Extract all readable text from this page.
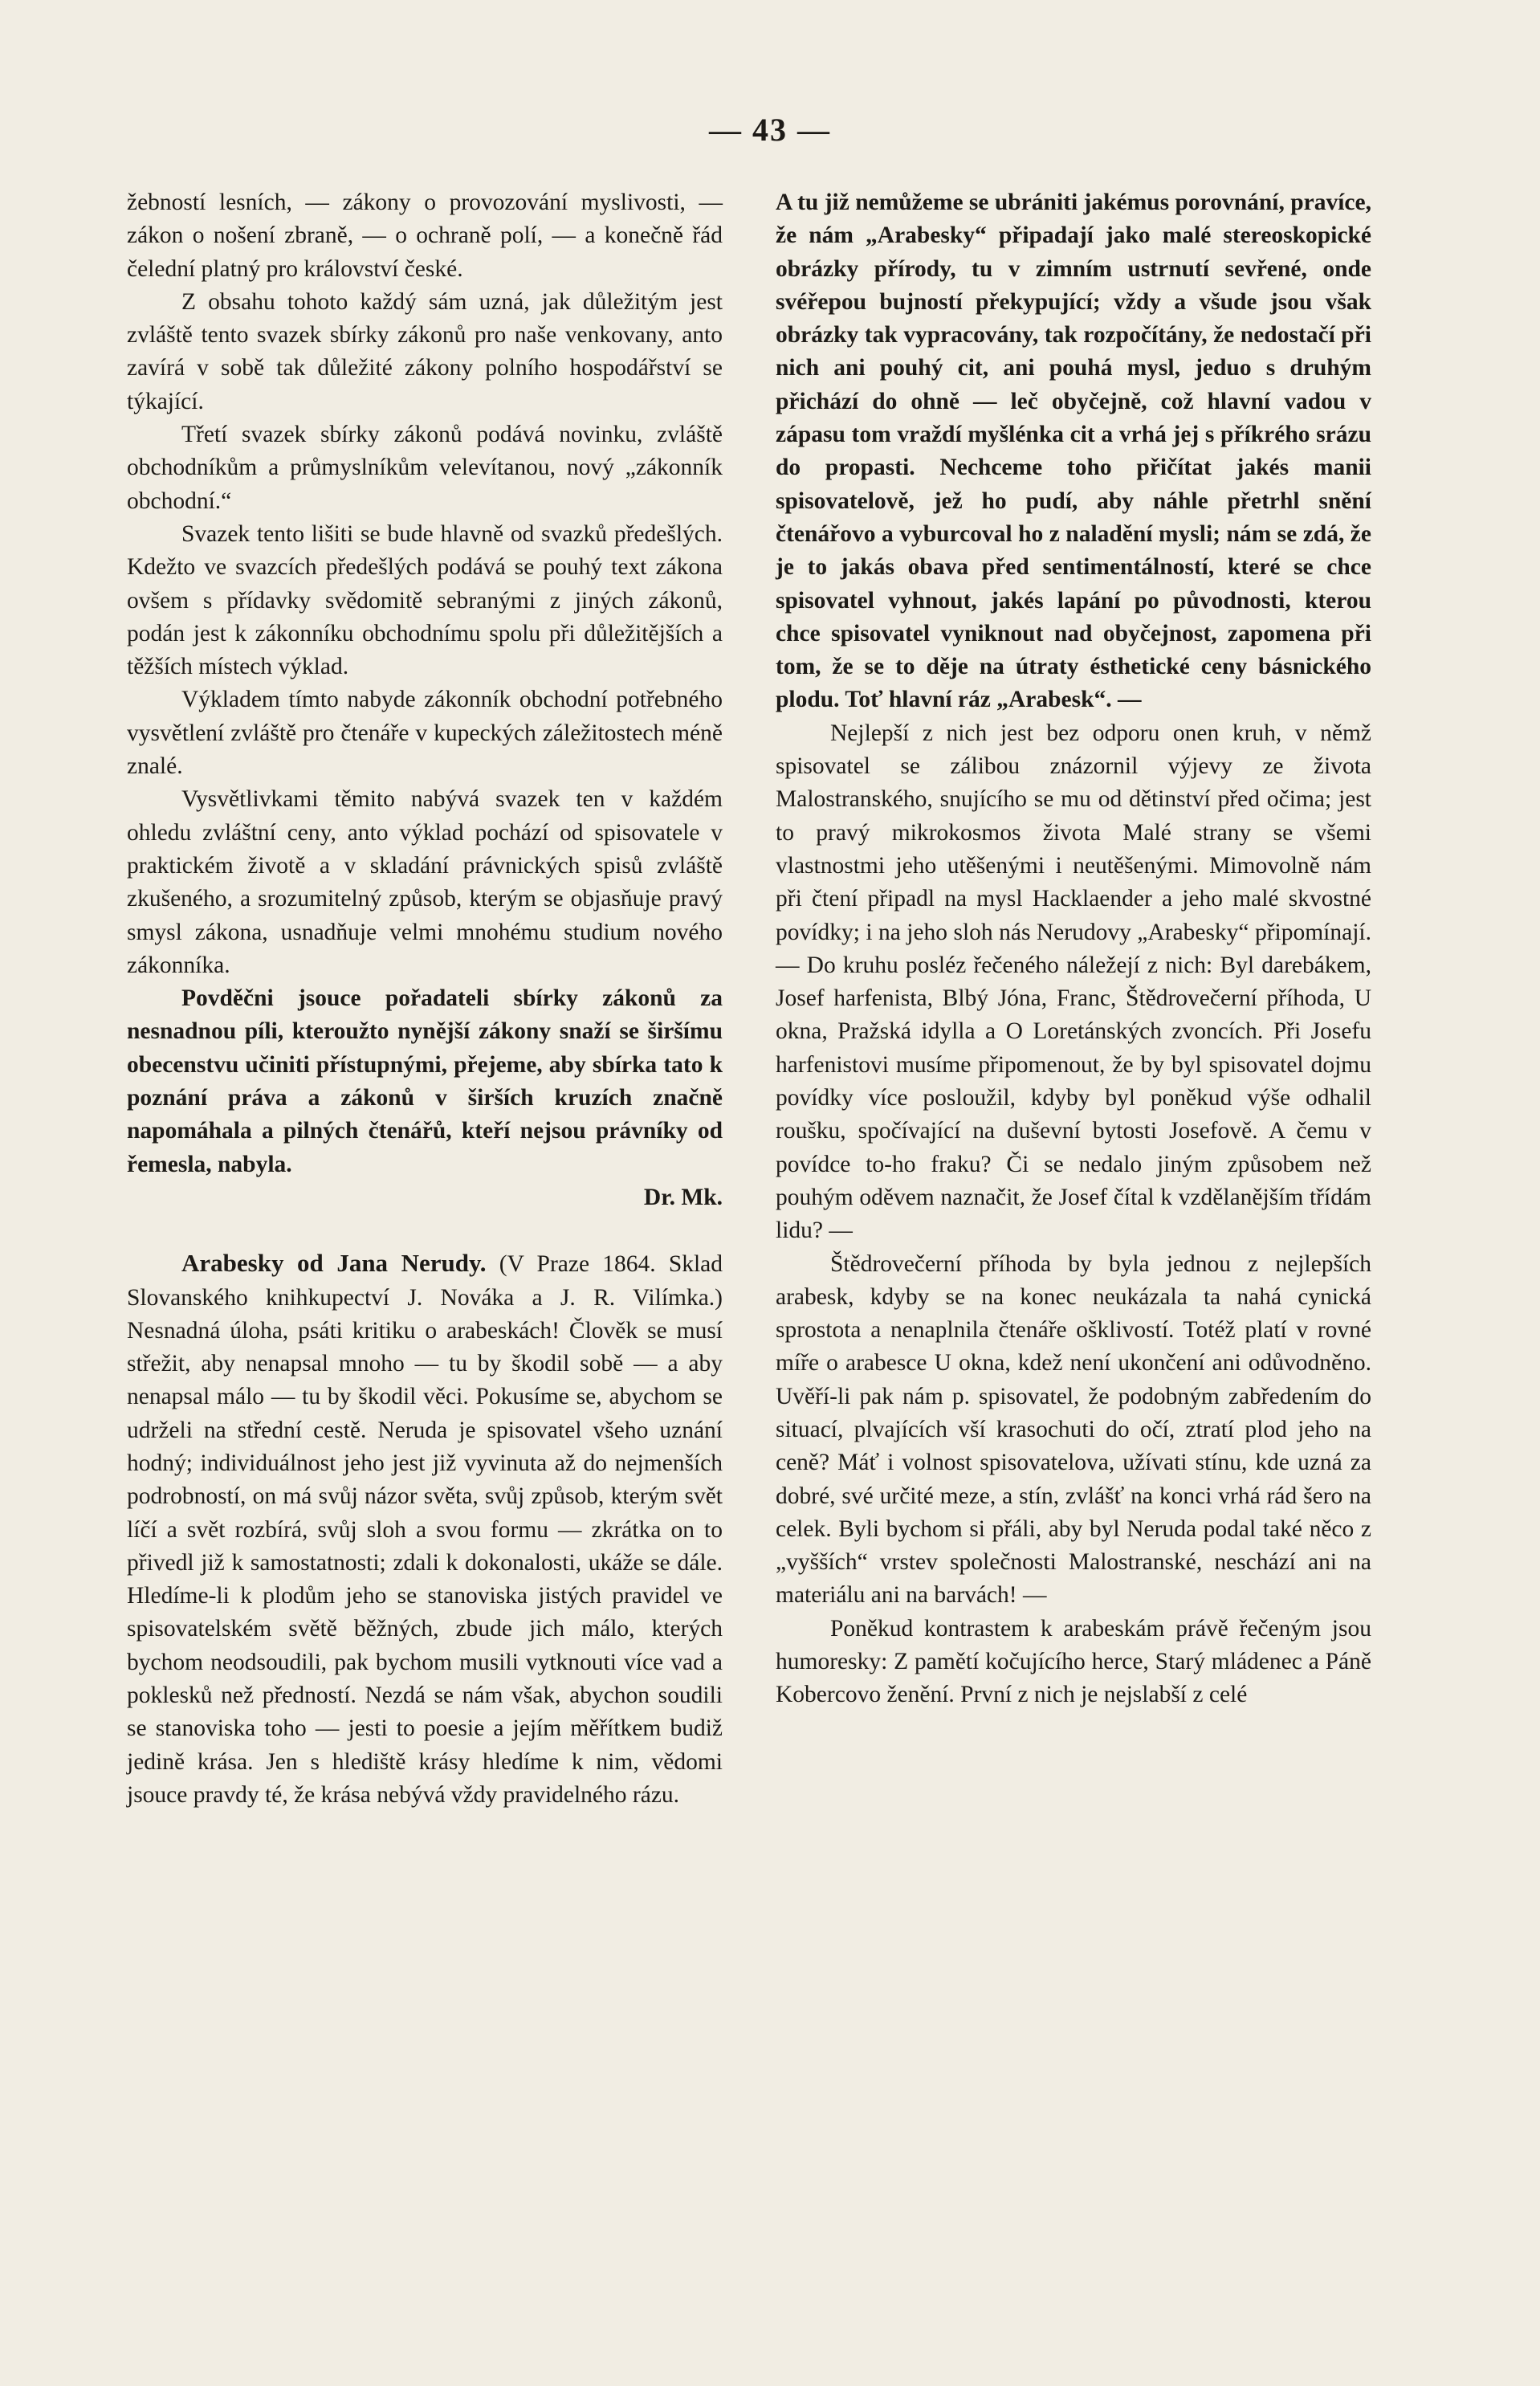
— 43 —

žebností lesních, — zákony o provozování myslivosti, — zákon o nošení zbraně, — o ochraně polí, — a konečně řád čelední platný pro království české.

Z obsahu tohoto každý sám uzná, jak důležitým jest zvláště tento svazek sbírky zákonů pro naše venkovany, anto zavírá v sobě tak důležité zákony polního hospodářství se týkající.

Třetí svazek sbírky zákonů podává novinku, zvláště obchodníkům a průmyslníkům velevítanou, nový „zákonník obchodní.“

Svazek tento lišiti se bude hlavně od svazků předešlých. Kdežto ve svazcích předešlých podává se pouhý text zákona ovšem s přídavky svědomitě sebranými z jiných zákonů, podán jest k zákonníku obchodnímu spolu při důležitějších a těžších místech výklad.

Výkladem tímto nabyde zákonník obchodní potřebného vysvětlení zvláště pro čtenáře v kupeckých záležitostech méně znalé.

Vysvětlivkami těmito nabývá svazek ten v každém ohledu zvláštní ceny, anto výklad pochází od spisovatele v praktickém životě a v skladání právnických spisů zvláště zkušeného, a srozumitelný způsob, kterým se objasňuje pravý smysl zákona, usnadňuje velmi mnohému studium nového zákonníka.

Povděčni jsouce pořadateli sbírky zákonů za nesnadnou píli, kteroužto nynější zákony snaží se širšímu obecenstvu učiniti přístupnými, přejeme, aby sbírka tato k poznání práva a zákonů v širších kruzích značně napomáhala a pilných čtenářů, kteří nejsou právníky od řemesla, nabyla.
Dr. Mk.

Arabesky od Jana Nerudy. (V Praze 1864. Sklad Slovanského knihkupectví J. Nováka a J. R. Vilímka.) Nesnadná úloha, psáti kritiku o arabeskách! Člověk se musí střežit, aby nenapsal mnoho — tu by škodil sobě — a aby nenapsal málo — tu by škodil věci. Pokusíme se, abychom se udrželi na střední cestě. Neruda je spisovatel všeho uznání hodný; individuálnost jeho jest již vyvinuta až do nejmenších podrobností, on má svůj názor světa, svůj způsob, kterým svět líčí a svět rozbírá, svůj sloh a svou formu — zkrátka on to přivedl již k samostatnosti; zdali k dokonalosti, ukáže se dále. Hledíme-li k plodům jeho se stanoviska jistých pravidel ve spisovatelském světě běžných, zbude jich málo, kterých bychom neodsoudili, pak bychom musili vytknouti více vad a poklesků než předností. Nezdá se nám však, abychon soudili se stanoviska toho — jesti to poesie a jejím měřítkem budiž jedině krása. Jen s hlediště krásy hledíme k nim, vědomi jsouce pravdy té, že krása nebývá vždy pravidelného rázu.

A tu již nemůžeme se ubrániti jakémus porovnání, pravíce, že nám „Arabesky“ připadají jako malé stereoskopické obrázky přírody, tu v zimním ustrnutí sevřené, onde svéřepou bujností překypující; vždy a všude jsou však obrázky tak vypracovány, tak rozpočítány, že nedostačí při nich ani pouhý cit, ani pouhá mysl, jeduo s druhým přichází do ohně — leč obyčejně, což hlavní vadou v zápasu tom vraždí myšlénka cit a vrhá jej s příkrého srázu do propasti. Nechceme toho přičítat jakés manii spisovatelově, jež ho pudí, aby náhle přetrhl snění čtenářovo a vyburcoval ho z naladění mysli; nám se zdá, že je to jakás obava před sentimentálností, které se chce spisovatel vyhnout, jakés lapání po původnosti, kterou chce spisovatel vyniknout nad obyčejnost, zapomena při tom, že se to děje na útraty ésthetické ceny básnického plodu. Toť hlavní ráz „Arabesk“. —

Nejlepší z nich jest bez odporu onen kruh, v němž spisovatel se zálibou znázornil výjevy ze života Malostranského, snujícího se mu od dětinství před očima; jest to pravý mikrokosmos života Malé strany se všemi vlastnostmi jeho utěšenými i neutěšenými. Mimovolně nám při čtení připadl na mysl Hacklaender a jeho malé skvostné povídky; i na jeho sloh nás Nerudovy „Arabesky“ připomínají. — Do kruhu posléz řečeného náležejí z nich: Byl darebákem, Josef harfenista, Blbý Jóna, Franc, Štědrovečerní příhoda, U okna, Pražská idylla a O Loretánských zvoncích. Při Josefu harfenistovi musíme připomenout, že by byl spisovatel dojmu povídky více posloužil, kdyby byl poněkud výše odhalil roušku, spočívající na duševní bytosti Josefově. A čemu v povídce to-ho fraku? Či se nedalo jiným způsobem než pouhým oděvem naznačit, že Josef čítal k vzdělanějším třídám lidu? —

Štědrovečerní příhoda by byla jednou z nejlepších arabesk, kdyby se na konec neukázala ta nahá cynická sprostota a nenaplnila čtenáře ošklivostí. Totéž platí v rovné míře o arabesce U okna, kdež není ukončení ani odůvodněno. Uvěří-li pak nám p. spisovatel, že podobným zabředením do situací, plvajících vší krasochuti do očí, ztratí plod jeho na ceně? Máť i volnost spisovatelova, užívati stínu, kde uzná za dobré, své určité meze, a stín, zvlášť na konci vrhá rád šero na celek. Byli bychom si přáli, aby byl Neruda podal také něco z „vyšších“ vrstev společnosti Malostranské, neschází ani na materiálu ani na barvách! —

Poněkud kontrastem k arabeskám právě řečeným jsou humoresky: Z pamětí kočujícího herce, Starý mládenec a Páně Kobercovo ženění. První z nich je nejslabší z celé
